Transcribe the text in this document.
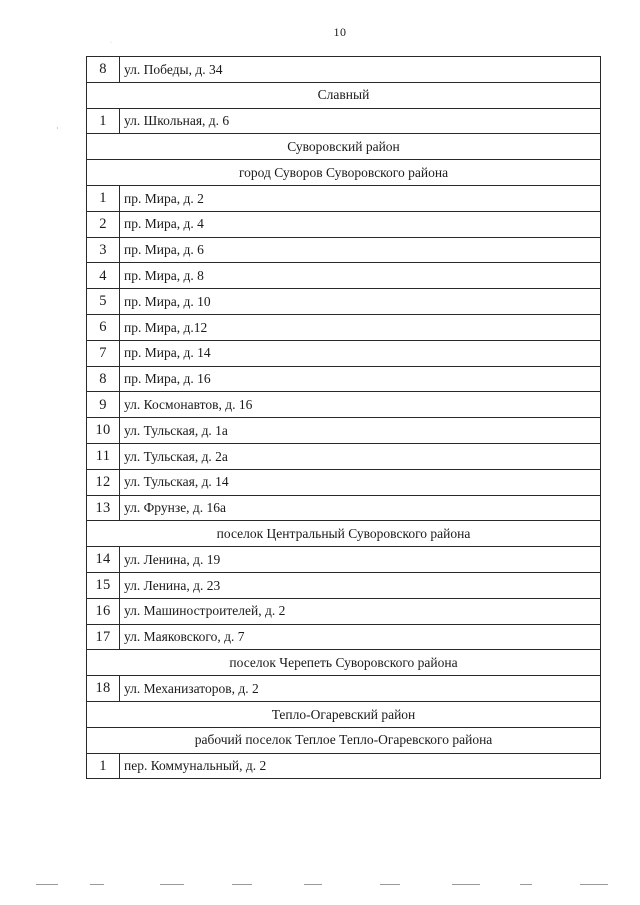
10
·
·
8	ул. Победы, д. 34
Славный	
1	ул. Школьная, д. 6
Суворовский район	
город Суворов Суворовского района	
1	пр. Мира, д. 2
2	пр. Мира, д. 4
3	пр. Мира, д. 6
4	пр. Мира, д. 8
5	пр. Мира, д. 10
6	пр. Мира, д.12
7	пр. Мира, д. 14
8	пр. Мира, д. 16
9	ул. Космонавтов, д. 16
10	ул. Тульская, д. 1а
11	ул. Тульская, д. 2а
12	ул. Тульская, д. 14
13	ул. Фрунзе, д. 16а
поселок Центральный Суворовского района	
14	ул. Ленина, д. 19
15	ул. Ленина, д. 23
16	ул. Машиностроителей, д. 2
17	ул. Маяковского, д. 7
поселок Черепеть Суворовского района	
18	ул. Механизаторов, д. 2
Тепло-Огаревский район	
рабочий поселок Теплое Тепло-Огаревского района	
1	пер. Коммунальный, д. 2
